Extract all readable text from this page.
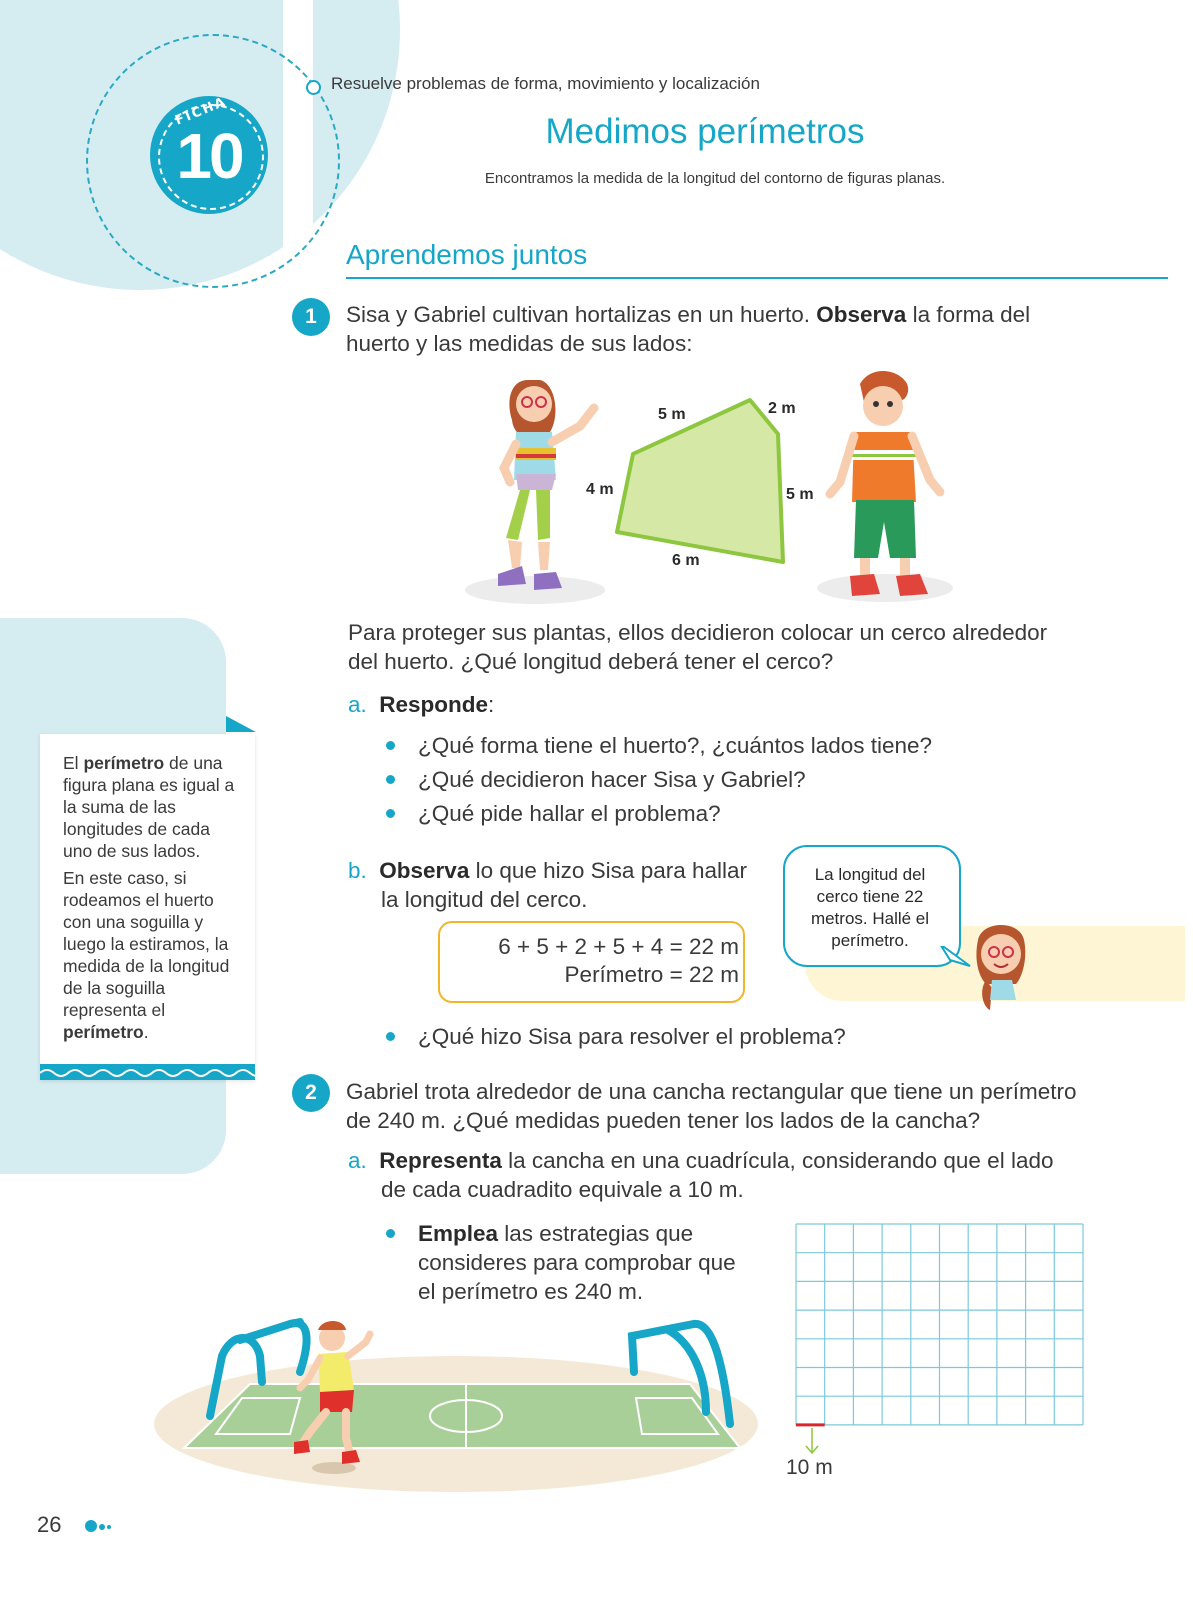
FICHA
10
Resuelve problemas de forma, movimiento y localización
Medimos perímetros
Encontramos la medida de la longitud del contorno de figuras planas.
Aprendemos juntos
1	Sisa y Gabriel cultivan hortalizas en un huerto. Observa la forma del
huerto y las medidas de sus lados:
5 m	2 m
4 m	5 m
6 m

El perímetro de una figura plana es igual a la suma de las longitudes de cada uno de sus lados.

En este caso, si rodeamos el huerto con una soguilla y luego la estiramos, la medida de la longitud de la soguilla representa el perímetro.

Para proteger sus plantas, ellos decidieron colocar un cerco alrededor
del huerto. ¿Qué longitud deberá tener el cerco?
a. Responde:
¿Qué forma tiene el huerto?, ¿cuántos lados tiene?
¿Qué decidieron hacer Sisa y Gabriel?
¿Qué pide hallar el problema?
b. Observa lo que hizo Sisa para hallar
la longitud del cerco.
6 + 5 + 2 + 5 + 4 = 22 m
Perímetro = 22 m
La longitud del cerco tiene 22 metros. Hallé el perímetro.
¿Qué hizo Sisa para resolver el problema?
2	Gabriel trota alrededor de una cancha rectangular que tiene un perímetro
de 240 m. ¿Qué medidas pueden tener los lados de la cancha?
a. Representa la cancha en una cuadrícula, considerando que el lado
de cada cuadradito equivale a 10 m.
Emplea las estrategias que
consideres para comprobar que
el perímetro es 240 m.
10 m
26
